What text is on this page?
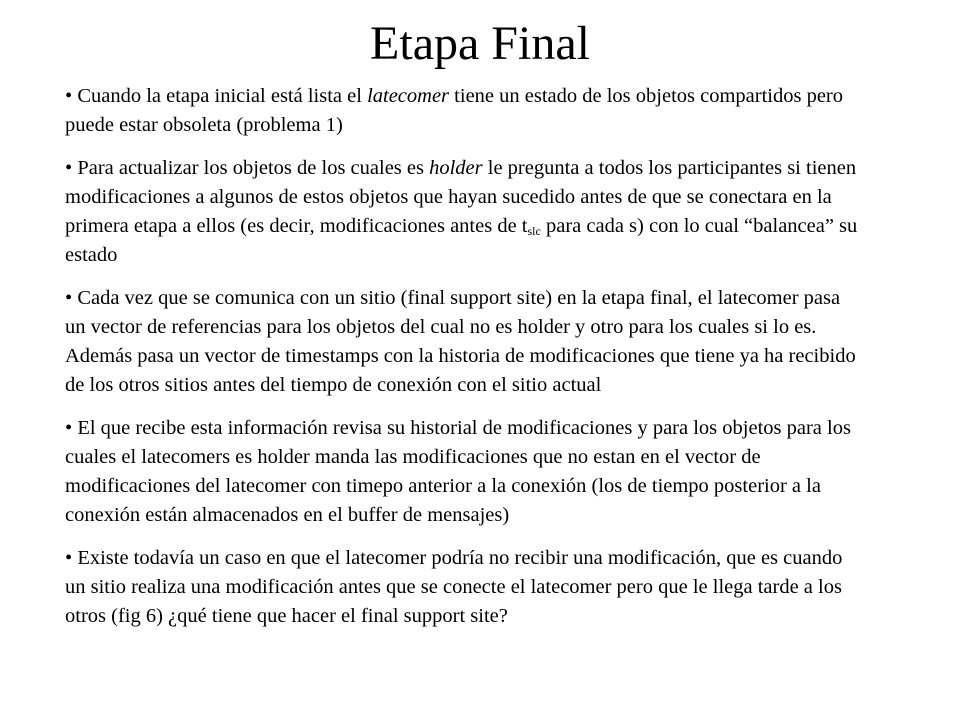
Etapa Final
• Cuando la etapa inicial está lista el latecomer tiene un estado de los objetos compartidos pero puede estar obsoleta (problema 1)
• Para actualizar los objetos de los cuales es holder le pregunta a todos los participantes si tienen modificaciones a algunos de estos objetos que hayan sucedido antes de que se conectara en la primera etapa a ellos (es decir, modificaciones antes de $t_{slc}$ para cada s) con lo cual “balancea” su estado
• Cada vez que se comunica con un sitio (final support site) en la etapa final, el latecomer pasa un vector de referencias para los objetos del cual no es holder y otro para los cuales si lo es. Además pasa un vector de timestamps con la historia de modificaciones que tiene ya ha recibido de los otros sitios antes del tiempo de conexión con el sitio actual
• El que recibe esta información revisa su historial de modificaciones y para los objetos para los cuales el latecomers es holder manda las modificaciones que no estan en el vector de modificaciones del latecomer con timepo anterior a la conexión (los de tiempo posterior a la conexión están almacenados en el buffer de mensajes)
• Existe todavía un caso en que el latecomer podría no recibir una modificación, que es cuando un sitio realiza una modificación antes que se conecte el latecomer pero que le llega tarde a los otros (fig 6) ¿qué tiene que hacer el final support site?
